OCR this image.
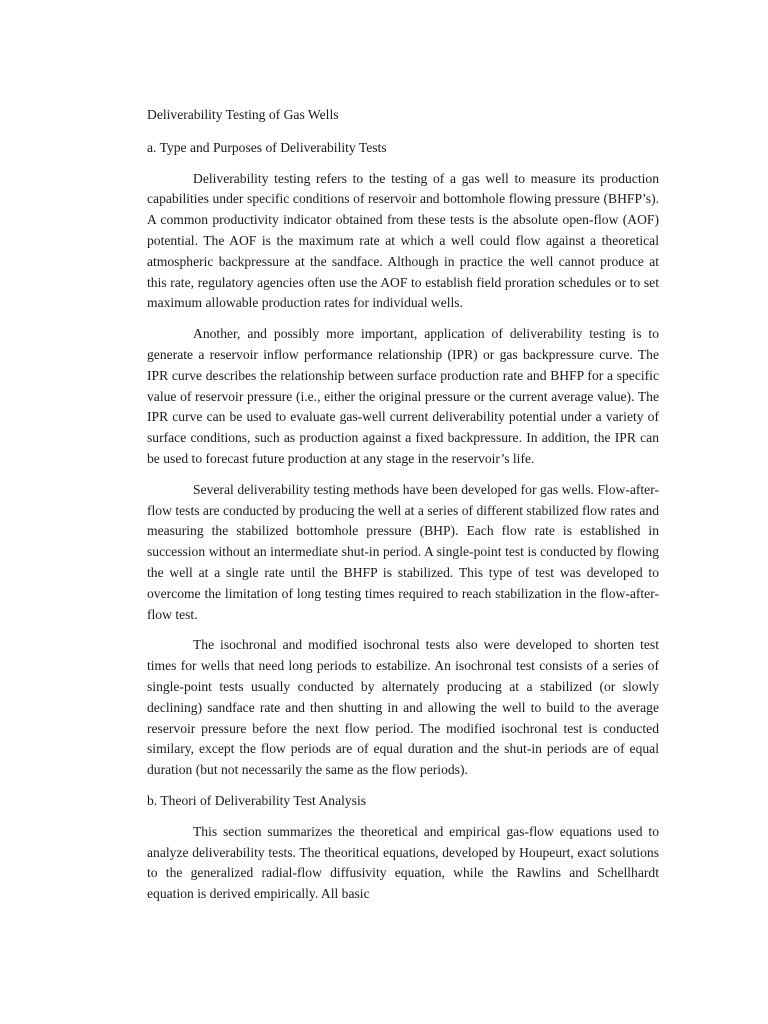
Deliverability Testing of Gas Wells
a. Type and Purposes of Deliverability Tests

Deliverability testing refers to the testing of a gas well to measure its production capabilities under specific conditions of reservoir and bottomhole flowing pressure (BHFP’s). A common productivity indicator obtained from these tests is the absolute open-flow (AOF) potential. The AOF is the maximum rate at which a well could flow against a theoretical atmospheric backpressure at the sandface. Although in practice the well cannot produce at this rate, regulatory agencies often use the AOF to establish field proration schedules or to set maximum allowable production rates for individual wells.

Another, and possibly more important, application of deliverability testing is to generate a reservoir inflow performance relationship (IPR) or gas backpressure curve. The IPR curve describes the relationship between surface production rate and BHFP for a specific value of reservoir pressure (i.e., either the original pressure or the current average value). The IPR curve can be used to evaluate gas-well current deliverability potential under a variety of surface conditions, such as production against a fixed backpressure. In addition, the IPR can be used to forecast future production at any stage in the reservoir’s life.

Several deliverability testing methods have been developed for gas wells. Flow-after-flow tests are conducted by producing the well at a series of different stabilized flow rates and measuring the stabilized bottomhole pressure (BHP). Each flow rate is established in succession without an intermediate shut-in period. A single-point test is conducted by flowing the well at a single rate until the BHFP is stabilized. This type of test was developed to overcome the limitation of long testing times required to reach stabilization in the flow-after-flow test.

The isochronal and modified isochronal tests also were developed to shorten test times for wells that need long periods to estabilize. An isochronal test consists of a series of single-point tests usually conducted by alternately producing at a stabilized (or slowly declining) sandface rate and then shutting in and allowing the well to build to the average reservoir pressure before the next flow period. The modified isochronal test is conducted similary, except the flow periods are of equal duration and the shut-in periods are of equal duration (but not necessarily the same as the flow periods).

b. Theori of Deliverability Test Analysis

This section summarizes the theoretical and empirical gas-flow equations used to analyze deliverability tests. The theoritical equations, developed by Houpeurt, exact solutions to the generalized radial-flow diffusivity equation, while the Rawlins and Schellhardt equation is derived empirically. All basic
